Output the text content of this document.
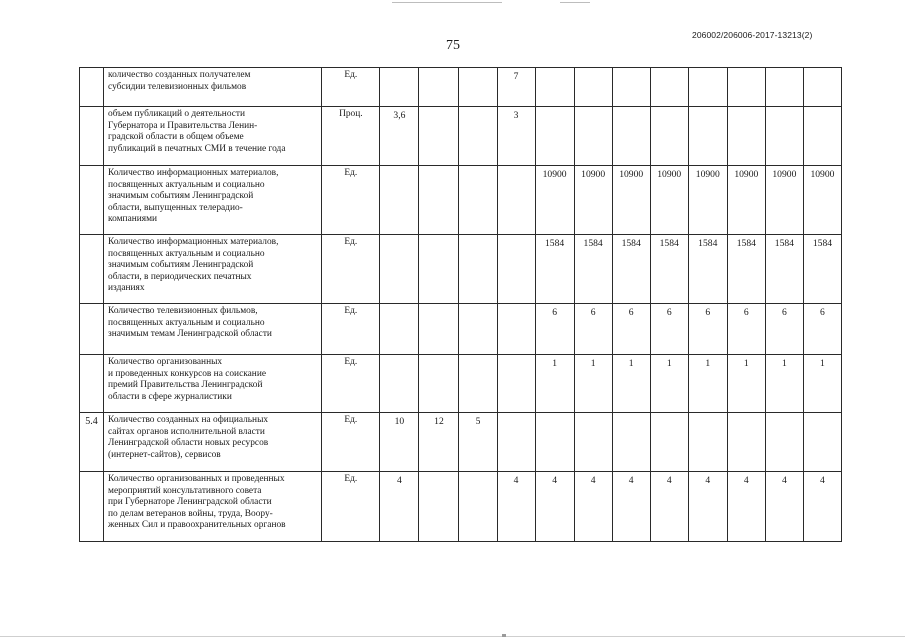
75
206002/206006-2017-13213(2)
	количество созданных получателем
субсидии телевизионных фильмов	Ед.				7								
	объем публикаций о деятельности
Губернатора и Правительства Ленин-
градской области в общем объеме
публикаций в печатных СМИ в течение года	Проц.	3,6			3								
	Количество информационных материалов,
посвященных актуальным и социально
значимым событиям Ленинградской
области, выпущенных телерадио-
компаниями	Ед.					10900	10900	10900	10900	10900	10900	10900	10900
	Количество информационных материалов,
посвященных актуальным и социально
значимым событиям Ленинградской
области, в периодических печатных
изданиях	Ед.					1584	1584	1584	1584	1584	1584	1584	1584
	Количество телевизионных фильмов,
посвященных актуальным и социально
значимым темам Ленинградской области	Ед.					6	6	6	6	6	6	6	6
	Количество организованных
и проведенных конкурсов на соискание
премий Правительства Ленинградской
области в сфере журналистики	Ед.					1	1	1	1	1	1	1	1
5.4	Количество созданных на официальных
сайтах органов исполнительной власти
Ленинградской области новых ресурсов
(интернет-сайтов), сервисов	Ед.	10	12	5									
	Количество организованных и проведенных
мероприятий консультативного совета
при Губернаторе Ленинградской области
по делам ветеранов войны, труда, Воору-
женных Сил и правоохранительных органов	Ед.	4			4	4	4	4	4	4	4	4	4
